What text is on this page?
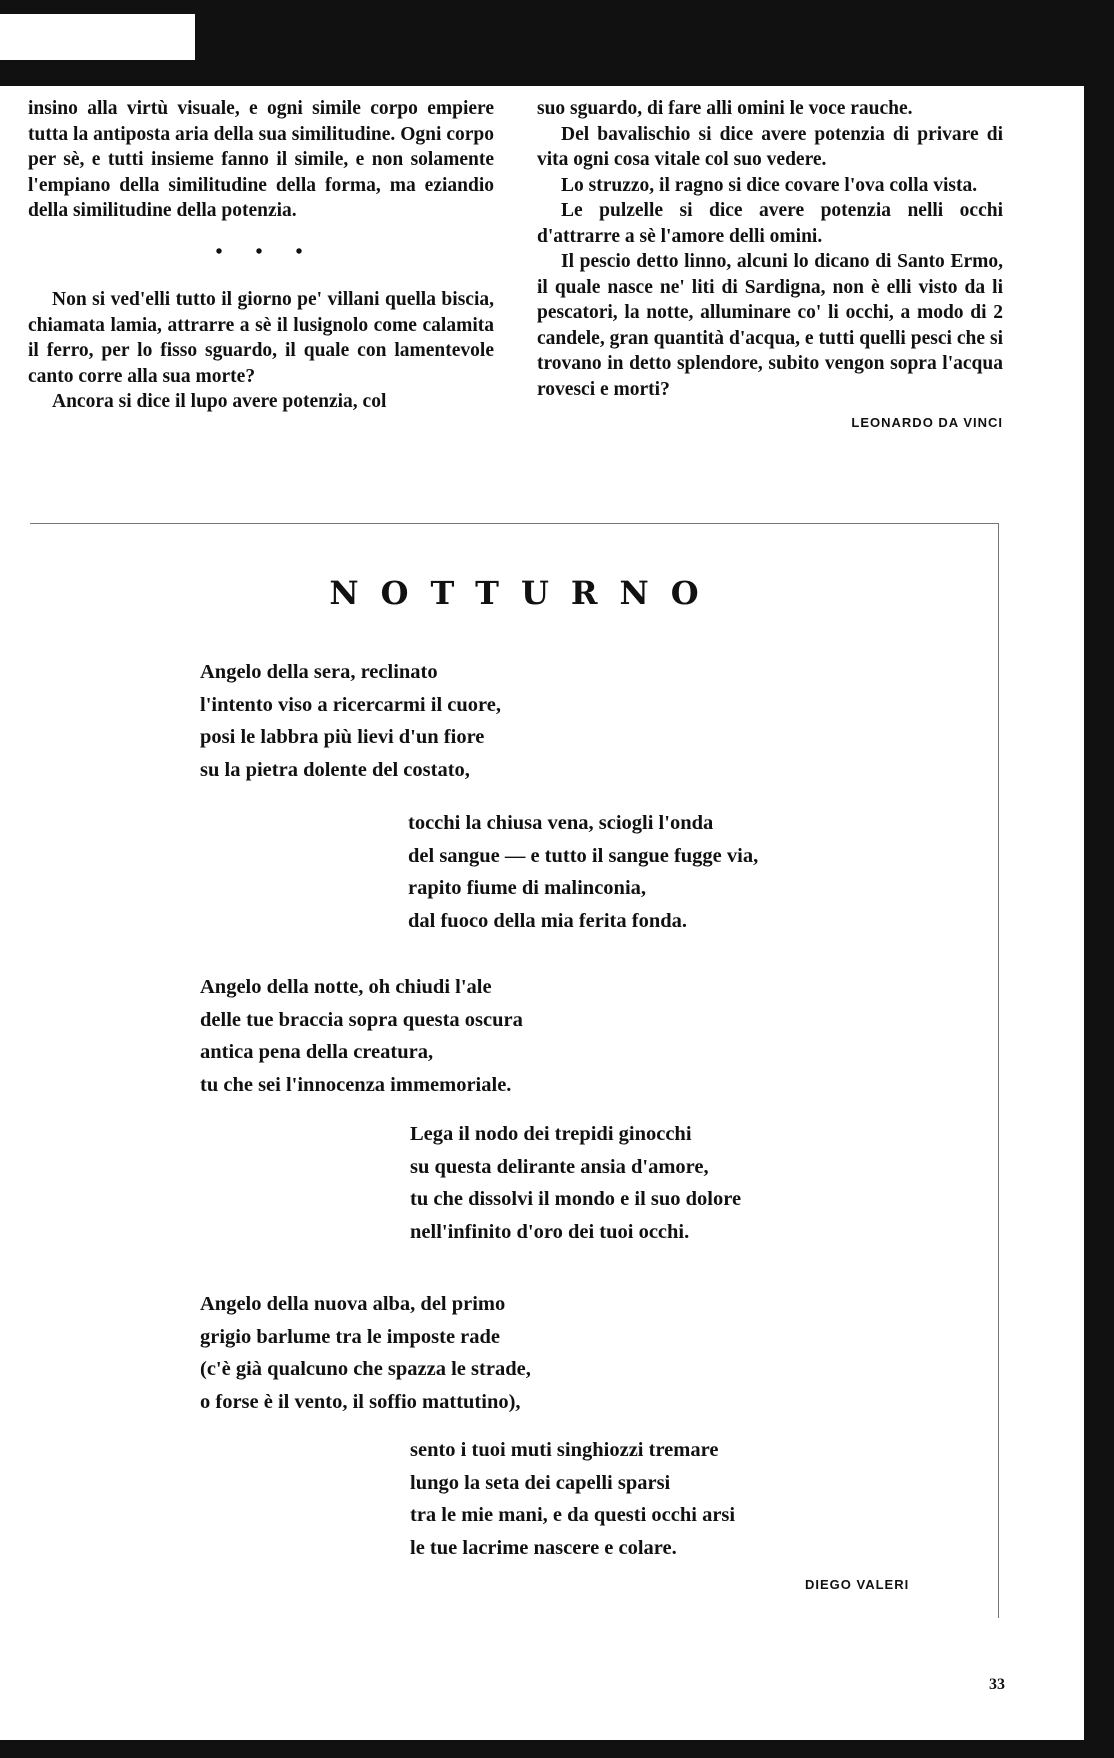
insino alla virtù visuale, e ogni simile corpo empiere tutta la antiposta aria della sua similitudine. Ogni corpo per sè, e tutti insieme fanno il simile, e non solamente l'empiano della similitudine della forma, ma eziandio della similitudine della potenzia.

• • •

Non si ved'elli tutto il giorno pe' villani quella biscia, chiamata lamia, attrarre a sè il lusignolo come calamita il ferro, per lo fisso sguardo, il quale con lamentevole canto corre alla sua morte?

Ancora si dice il lupo avere potenzia, col

suo sguardo, di fare alli omini le voce rauche.

Del bavalischio si dice avere potenzia di privare di vita ogni cosa vitale col suo vedere.

Lo struzzo, il ragno si dice covare l'ova colla vista.

Le pulzelle si dice avere potenzia nelli occhi d'attrarre a sè l'amore delli omini.

Il pescio detto linno, alcuni lo dicano di Santo Ermo, il quale nasce ne' liti di Sardigna, non è elli visto da li pescatori, la notte, alluminare co' li occhi, a modo di 2 candele, gran quantità d'acqua, e tutti quelli pesci che si trovano in detto splendore, subito vengon sopra l'acqua rovesci e morti?

LEONARDO DA VINCI
NOTTURNO
Angelo della sera, reclinato
l'intento viso a ricercarmi il cuore,
posi le labbra più lievi d'un fiore
su la pietra dolente del costato,
tocchi la chiusa vena, sciogli l'onda
del sangue — e tutto il sangue fugge via,
rapito fiume di malinconia,
dal fuoco della mia ferita fonda.
Angelo della notte, oh chiudi l'ale
delle tue braccia sopra questa oscura
antica pena della creatura,
tu che sei l'innocenza immemoriale.
Lega il nodo dei trepidi ginocchi
su questa delirante ansia d'amore,
tu che dissolvi il mondo e il suo dolore
nell'infinito d'oro dei tuoi occhi.
Angelo della nuova alba, del primo
grigio barlume tra le imposte rade
(c'è già qualcuno che spazza le strade,
o forse è il vento, il soffio mattutino),
sento i tuoi muti singhiozzi tremare
lungo la seta dei capelli sparsi
tra le mie mani, e da questi occhi arsi
le tue lacrime nascere e colare.
DIEGO VALERI
33
